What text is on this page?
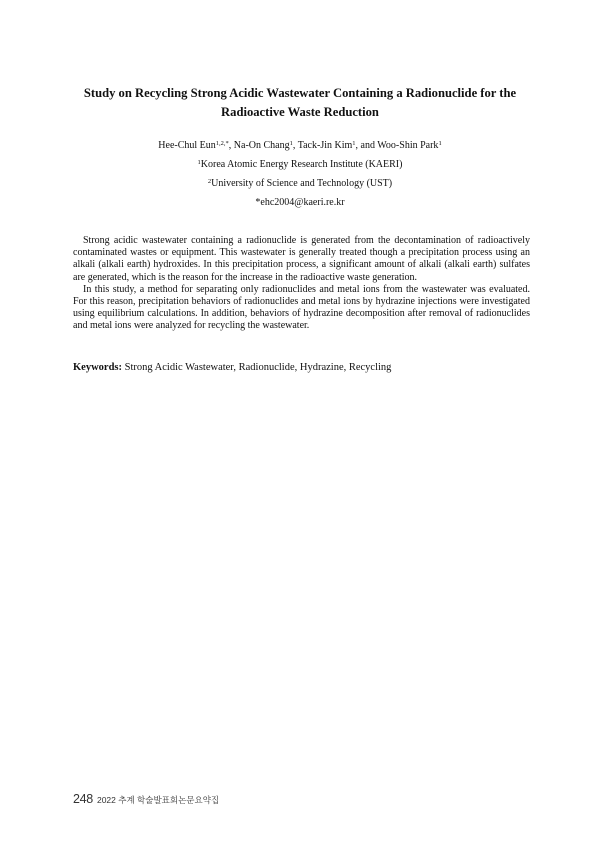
Study on Recycling Strong Acidic Wastewater Containing a Radionuclide for the
Radioactive Waste Reduction
Hee-Chul Eun$^{1,2,*}$, Na-On Chang$^1$, Tack-Jin Kim$^1$, and Woo-Shin Park$^1$
$^1$Korea Atomic Energy Research Institute (KAERI)
$^2$University of Science and Technology (UST)
*ehc2004@kaeri.re.kr

Strong acidic wastewater containing a radionuclide is generated from the decontamination of radioactively contaminated wastes or equipment. This wastewater is generally treated though a precipitation process using an alkali (alkali earth) hydroxides. In this precipitation process, a significant amount of alkali (alkali earth) sulfates are generated, which is the reason for the increase in the radioactive waste generation.

In this study, a method for separating only radionuclides and metal ions from the wastewater was evaluated. For this reason, precipitation behaviors of radionuclides and metal ions by hydrazine injections were investigated using equilibrium calculations. In addition, behaviors of hydrazine decomposition after removal of radionuclides and metal ions were analyzed for recycling the wastewater.

Keywords: Strong Acidic Wastewater, Radionuclide, Hydrazine, Recycling
248 2022 추계 학술발표회논문요약집
